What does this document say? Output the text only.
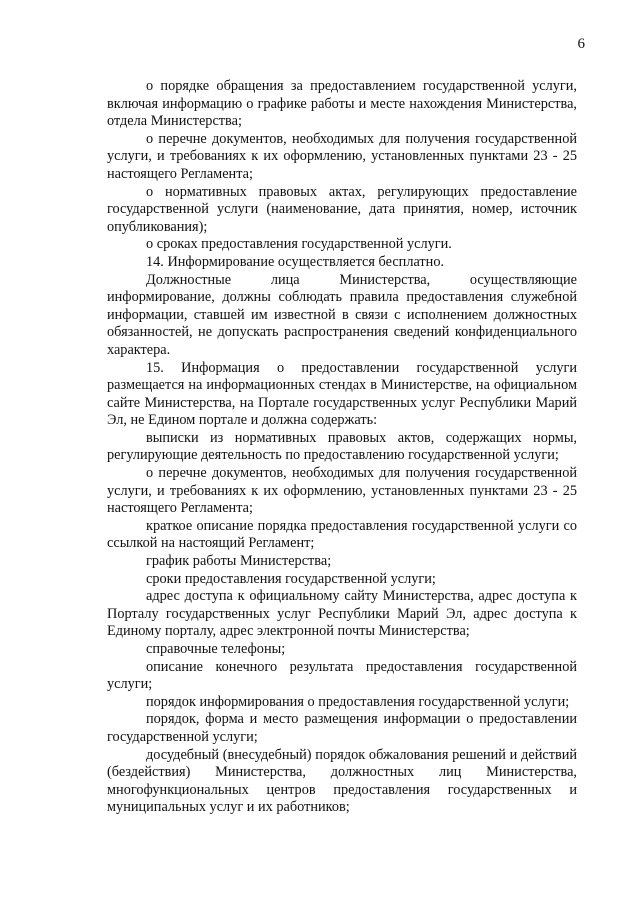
6

о порядке обращения за предоставлением государственной услуги, включая информацию о графике работы и месте нахождения Министерства, отдела Министерства;

о перечне документов, необходимых для получения государственной услуги, и требованиях к их оформлению, установленных пунктами 23 - 25 настоящего Регламента;

о нормативных правовых актах, регулирующих предоставление государственной услуги (наименование, дата принятия, номер, источник опубликования);

о сроках предоставления государственной услуги.

14. Информирование осуществляется бесплатно.

Должностные лица Министерства, осуществляющие информирование, должны соблюдать правила предоставления служебной информации, ставшей им известной в связи с исполнением должностных обязанностей, не допускать распространения сведений конфиденциального характера.

15. Информация о предоставлении государственной услуги размещается на информационных стендах в Министерстве, на официальном сайте Министерства, на Портале государственных услуг Республики Марий Эл, не Едином портале и должна содержать:

выписки из нормативных правовых актов, содержащих нормы, регулирующие деятельность по предоставлению государственной услуги;

о перечне документов, необходимых для получения государственной услуги, и требованиях к их оформлению, установленных пунктами 23 - 25 настоящего Регламента;

краткое описание порядка предоставления государственной услуги со ссылкой на настоящий Регламент;

график работы Министерства;

сроки предоставления государственной услуги;

адрес доступа к официальному сайту Министерства, адрес доступа к Порталу государственных услуг Республики Марий Эл, адрес доступа к Единому порталу, адрес электронной почты Министерства;

справочные телефоны;

описание конечного результата предоставления государственной услуги;

порядок информирования о предоставления государственной услуги;

порядок, форма и место размещения информации о предоставлении государственной услуги;

досудебный (внесудебный) порядок обжалования решений и действий (бездействия) Министерства, должностных лиц Министерства, многофункциональных центров предоставления государственных и муниципальных услуг и их работников;
